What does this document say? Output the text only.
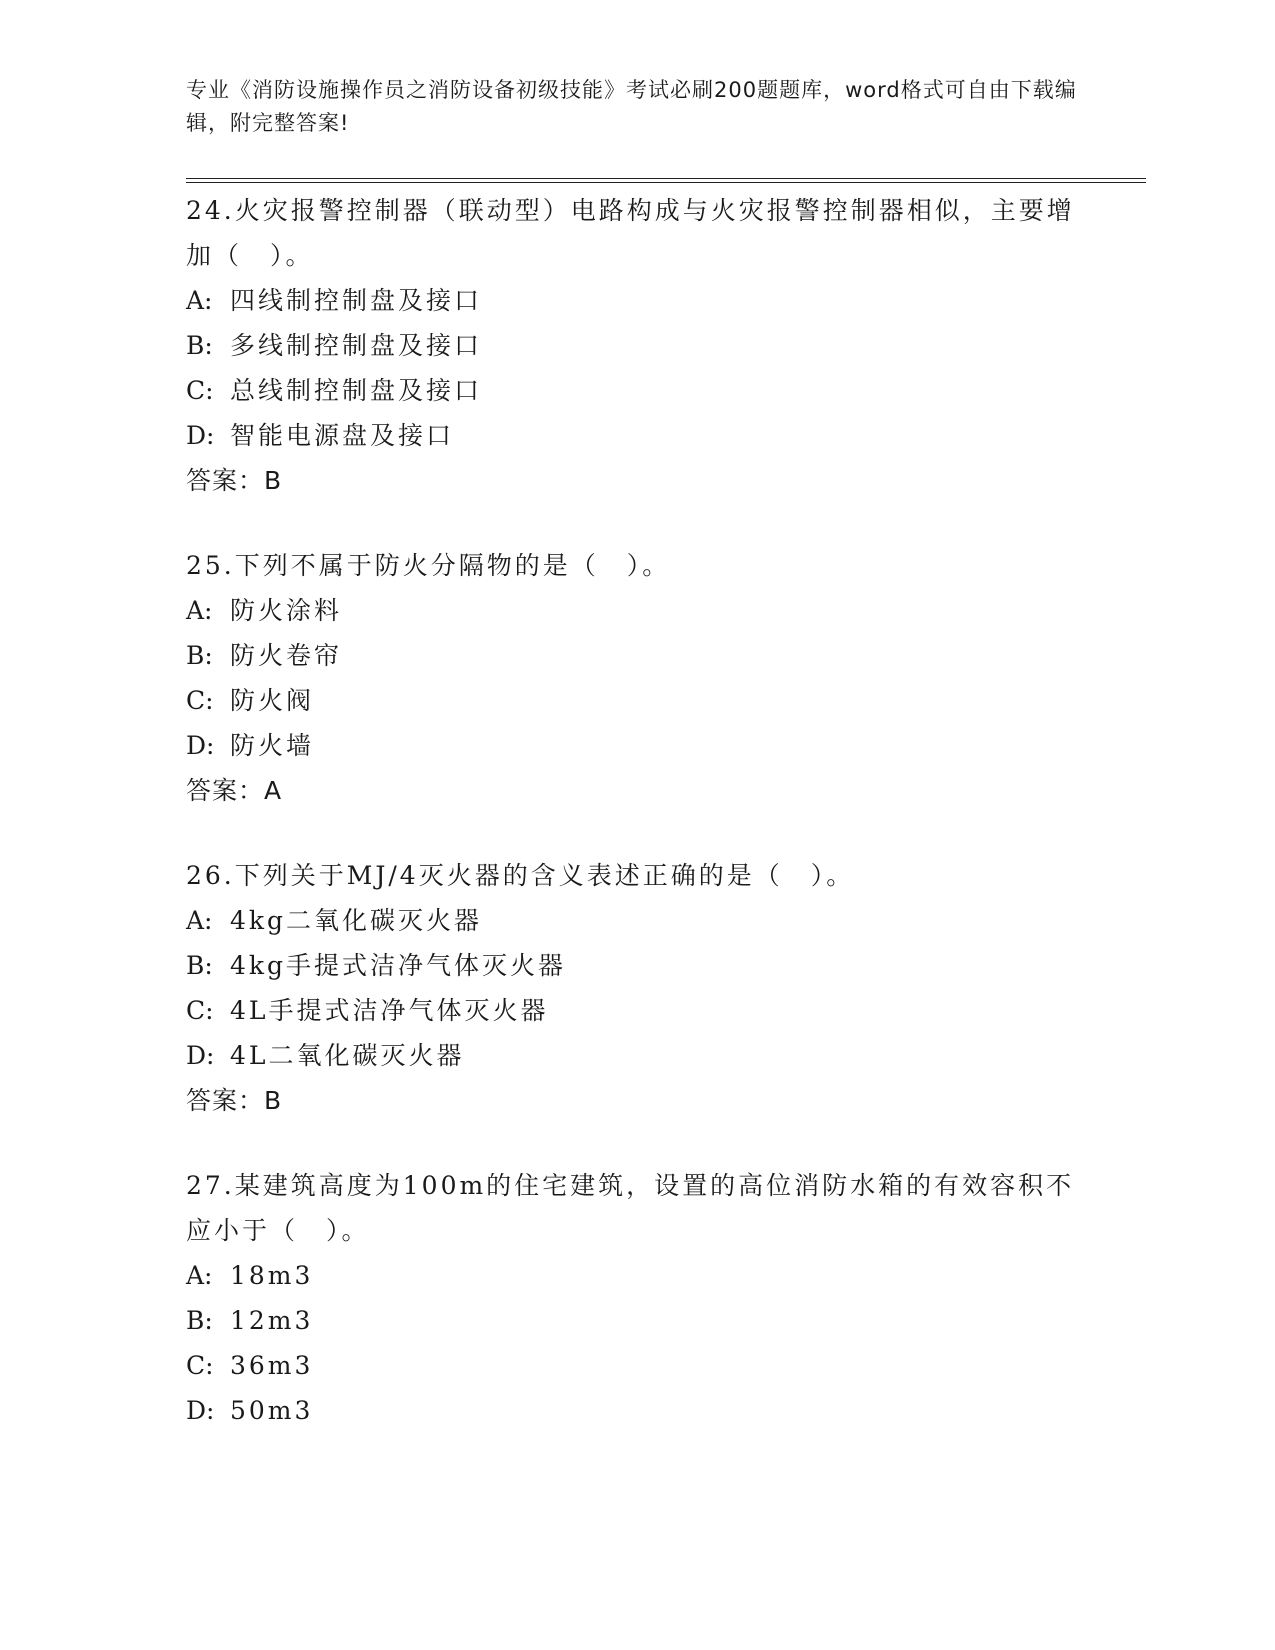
专业《消防设施操作员之消防设备初级技能》考试必刷200题题库，word格式可自由下载编辑，附完整答案!

24.火灾报警控制器（联动型）电路构成与火灾报警控制器相似，主要增加（　）。

A: 四线制控制盘及接口

B: 多线制控制盘及接口

C: 总线制控制盘及接口

D: 智能电源盘及接口

答案：B

25.下列不属于防火分隔物的是（　）。

A: 防火涂料

B: 防火卷帘

C: 防火阀

D: 防火墙

答案：A

26.下列关于MJ/4灭火器的含义表述正确的是（　）。

A: 4kg二氧化碳灭火器

B: 4kg手提式洁净气体灭火器

C: 4L手提式洁净气体灭火器

D: 4L二氧化碳灭火器

答案：B

27.某建筑高度为100m的住宅建筑，设置的高位消防水箱的有效容积不应小于（　）。

A: 18m3

B: 12m3

C: 36m3

D: 50m3
